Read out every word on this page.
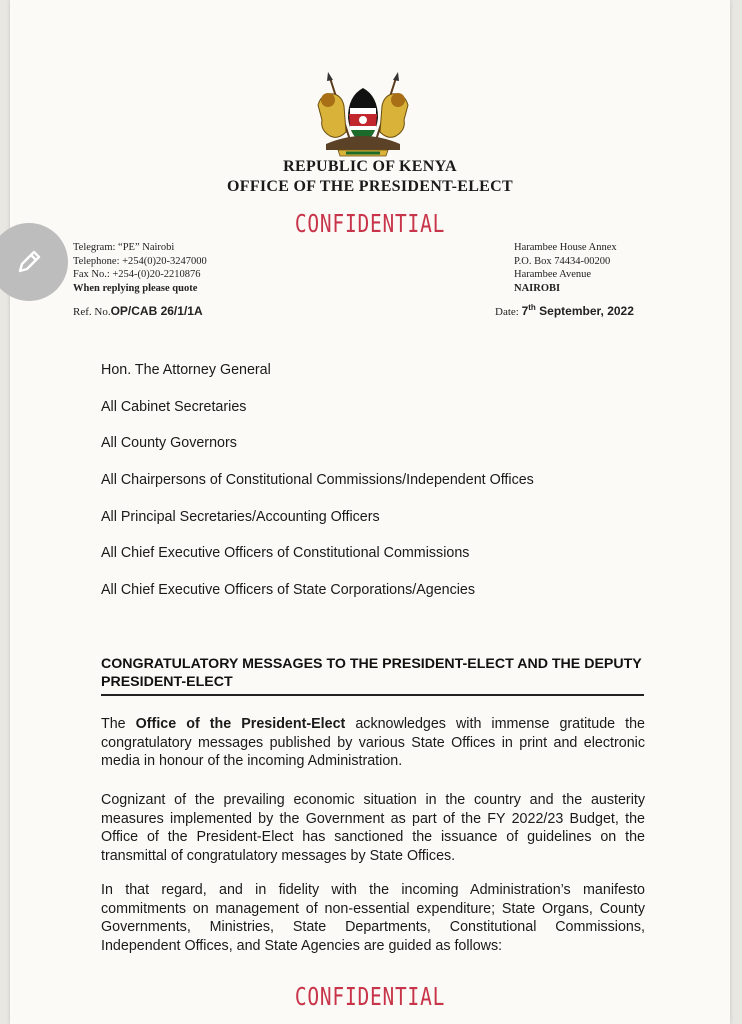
REPUBLIC OF KENYA
OFFICE OF THE PRESIDENT-ELECT
CONFIDENTIAL
Telegram: “PE” Nairobi
Telephone: +254(0)20-3247000
Fax No.: +254-(0)20-2210876
When replying please quote
Harambee House Annex
P.O. Box 74434-00200
Harambee Avenue
NAIROBI
Ref. No.OP/CAB 26/1/1A	Date: 7th September, 2022
Hon. The Attorney General
All Cabinet Secretaries
All County Governors
All Chairpersons of Constitutional Commissions/Independent Offices
All Principal Secretaries/Accounting Officers
All Chief Executive Officers of Constitutional Commissions
All Chief Executive Officers of State Corporations/Agencies
CONGRATULATORY MESSAGES TO THE PRESIDENT-ELECT AND THE DEPUTY PRESIDENT-ELECT
The Office of the President-Elect acknowledges with immense gratitude the congratulatory messages published by various State Offices in print and electronic media in honour of the incoming Administration.
Cognizant of the prevailing economic situation in the country and the austerity measures implemented by the Government as part of the FY 2022/23 Budget, the Office of the President-Elect has sanctioned the issuance of guidelines on the transmittal of congratulatory messages by State Offices.
In that regard, and in fidelity with the incoming Administration’s manifesto commitments on management of non-essential expenditure; State Organs, County Governments, Ministries, State Departments, Constitutional Commissions, Independent Offices, and State Agencies are guided as follows:
CONFIDENTIAL
